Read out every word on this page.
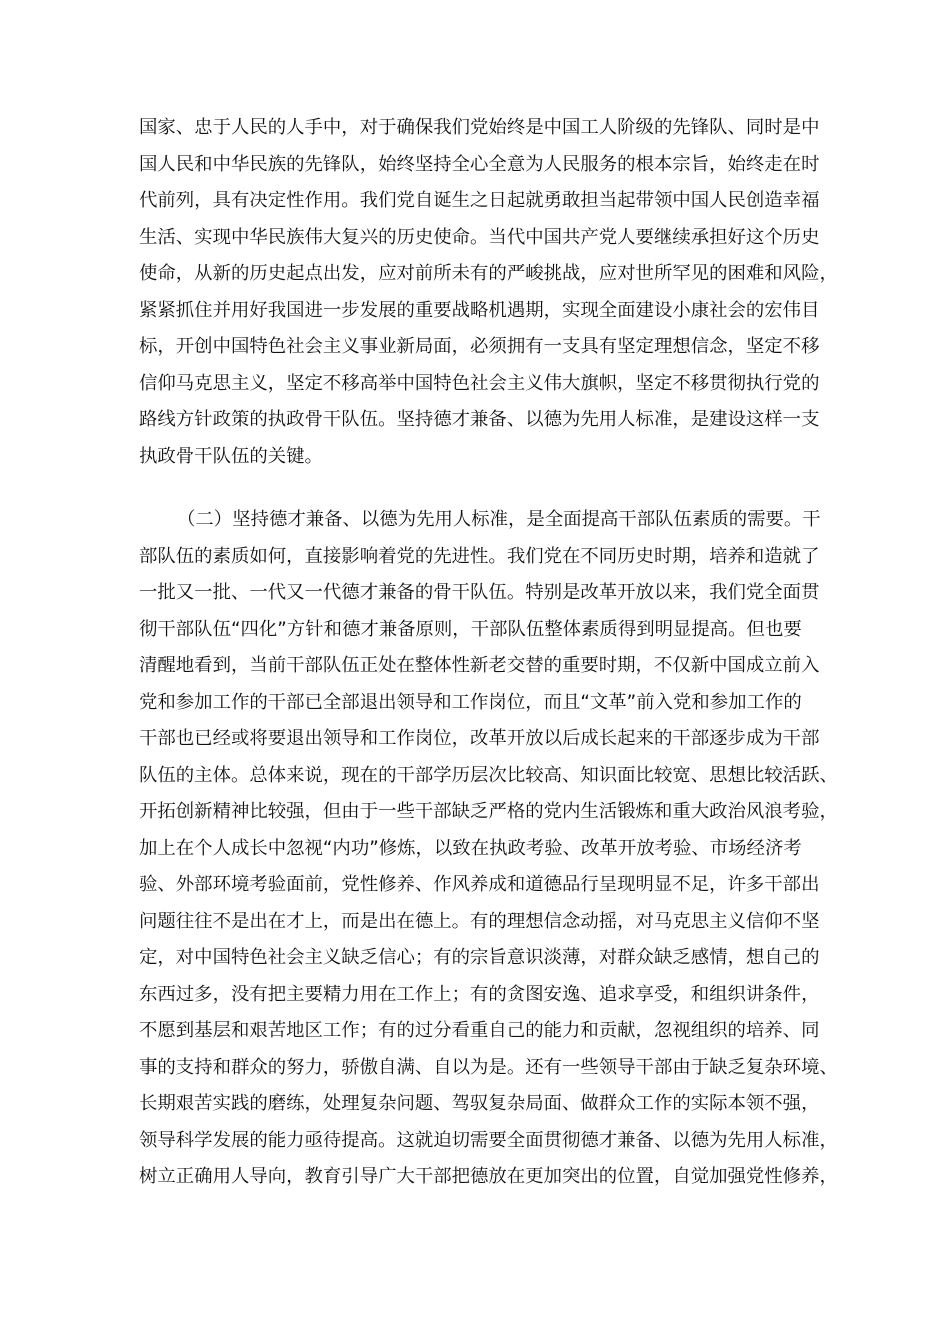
国家、忠于人民的人手中，对于确保我们党始终是中国工人阶级的先锋队、同时是中
国人民和中华民族的先锋队，始终坚持全心全意为人民服务的根本宗旨，始终走在时
代前列，具有决定性作用。我们党自诞生之日起就勇敢担当起带领中国人民创造幸福
生活、实现中华民族伟大复兴的历史使命。当代中国共产党人要继续承担好这个历史
使命，从新的历史起点出发，应对前所未有的严峻挑战，应对世所罕见的困难和风险，
紧紧抓住并用好我国进一步发展的重要战略机遇期，实现全面建设小康社会的宏伟目
标，开创中国特色社会主义事业新局面，必须拥有一支具有坚定理想信念，坚定不移
信仰马克思主义，坚定不移高举中国特色社会主义伟大旗帜，坚定不移贯彻执行党的
路线方针政策的执政骨干队伍。坚持德才兼备、以德为先用人标准，是建设这样一支
执政骨干队伍的关键。
（二）坚持德才兼备、以德为先用人标准，是全面提高干部队伍素质的需要。干
部队伍的素质如何，直接影响着党的先进性。我们党在不同历史时期，培养和造就了
一批又一批、一代又一代德才兼备的骨干队伍。特别是改革开放以来，我们党全面贯
彻干部队伍“四化”方针和德才兼备原则，干部队伍整体素质得到明显提高。但也要
清醒地看到，当前干部队伍正处在整体性新老交替的重要时期，不仅新中国成立前入
党和参加工作的干部已全部退出领导和工作岗位，而且“文革”前入党和参加工作的
干部也已经或将要退出领导和工作岗位，改革开放以后成长起来的干部逐步成为干部
队伍的主体。总体来说，现在的干部学历层次比较高、知识面比较宽、思想比较活跃、
开拓创新精神比较强，但由于一些干部缺乏严格的党内生活锻炼和重大政治风浪考验，
加上在个人成长中忽视“内功”修炼，以致在执政考验、改革开放考验、市场经济考
验、外部环境考验面前，党性修养、作风养成和道德品行呈现明显不足，许多干部出
问题往往不是出在才上，而是出在德上。有的理想信念动摇，对马克思主义信仰不坚
定，对中国特色社会主义缺乏信心；有的宗旨意识淡薄，对群众缺乏感情，想自己的
东西过多，没有把主要精力用在工作上；有的贪图安逸、追求享受，和组织讲条件，
不愿到基层和艰苦地区工作；有的过分看重自己的能力和贡献，忽视组织的培养、同
事的支持和群众的努力，骄傲自满、自以为是。还有一些领导干部由于缺乏复杂环境、
长期艰苦实践的磨练，处理复杂问题、驾驭复杂局面、做群众工作的实际本领不强，
领导科学发展的能力亟待提高。这就迫切需要全面贯彻德才兼备、以德为先用人标准，
树立正确用人导向，教育引导广大干部把德放在更加突出的位置，自觉加强党性修养，
